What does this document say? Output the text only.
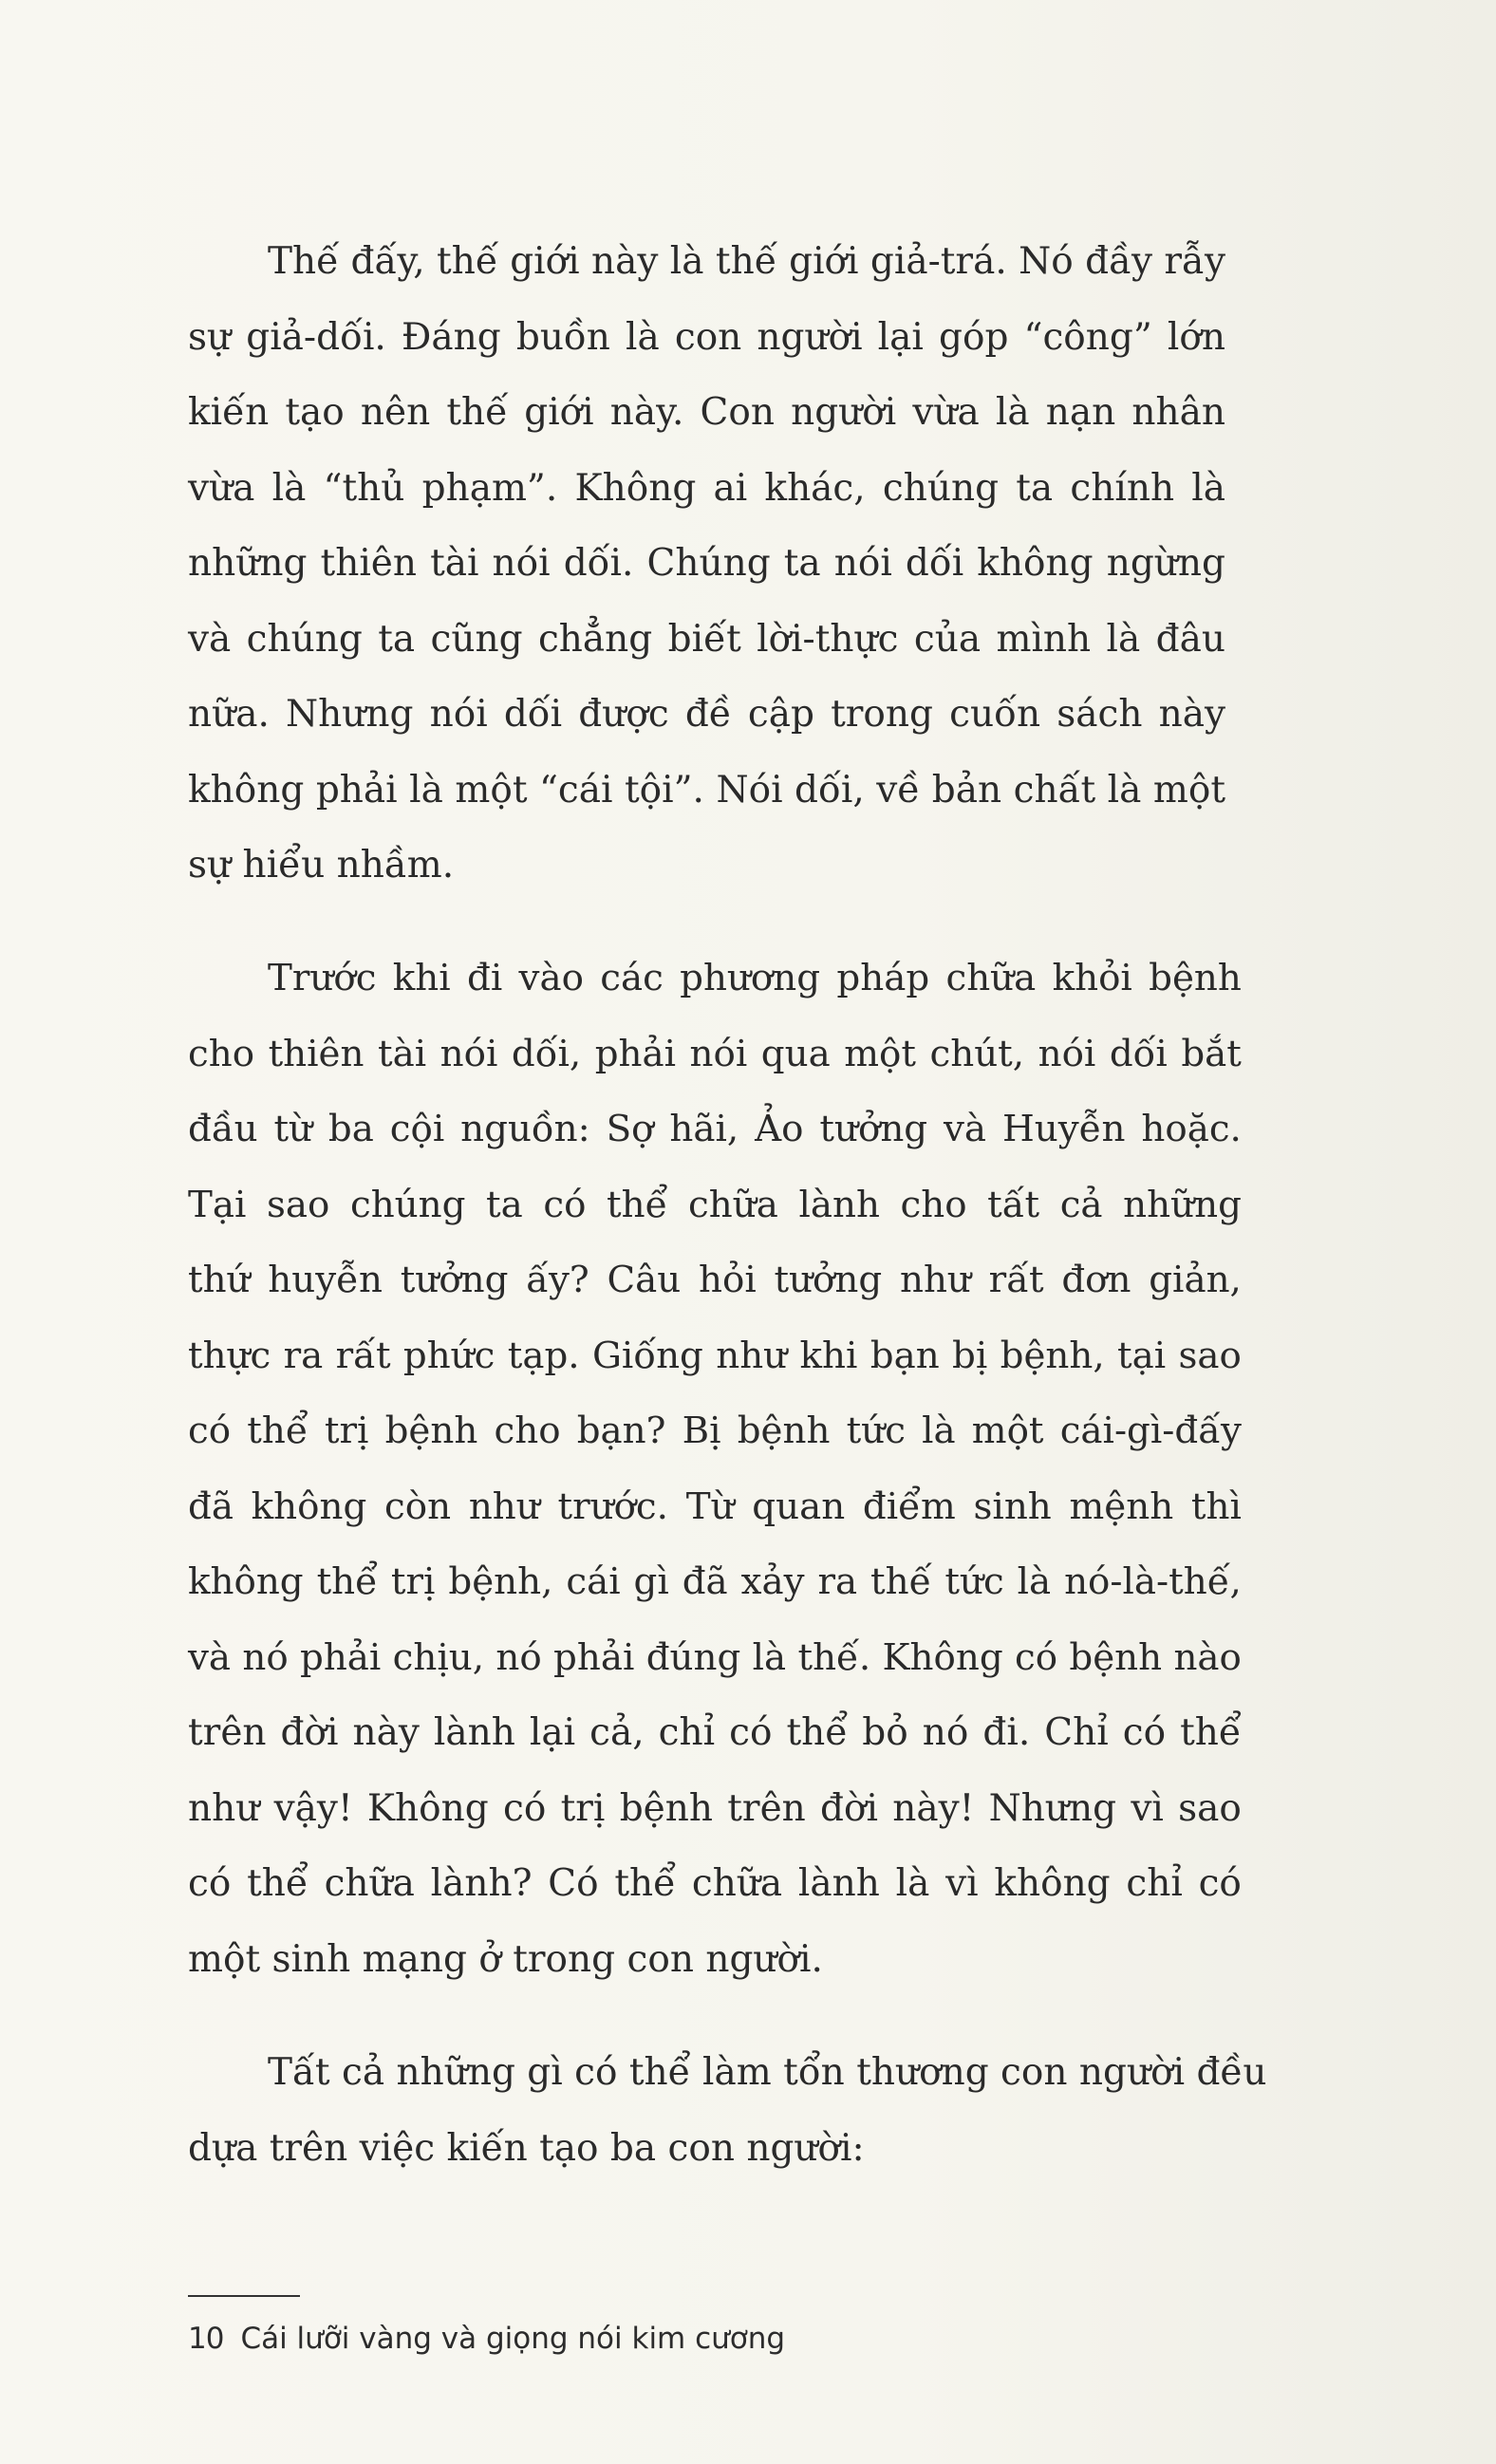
Thế đấy, thế giới này là thế giới giả-trá. Nó đầy rẫy
sự giả-dối. Đáng buồn là con người lại góp “công” lớn
kiến tạo nên thế giới này. Con người vừa là nạn nhân
vừa là “thủ phạm”. Không ai khác, chúng ta chính là
những thiên tài nói dối. Chúng ta nói dối không ngừng
và chúng ta cũng chẳng biết lời-thực của mình là đâu
nữa. Nhưng nói dối được đề cập trong cuốn sách này
không phải là một “cái tội”. Nói dối, về bản chất là một
sự hiểu nhầm.

Trước khi đi vào các phương pháp chữa khỏi bệnh
cho thiên tài nói dối, phải nói qua một chút, nói dối bắt
đầu từ ba cội nguồn: Sợ hãi, Ảo tưởng và Huyễn hoặc.
Tại sao chúng ta có thể chữa lành cho tất cả những
thứ huyễn tưởng ấy? Câu hỏi tưởng như rất đơn giản,
thực ra rất phức tạp. Giống như khi bạn bị bệnh, tại sao
có thể trị bệnh cho bạn? Bị bệnh tức là một cái-gì-đấy
đã không còn như trước. Từ quan điểm sinh mệnh thì
không thể trị bệnh, cái gì đã xảy ra thế tức là nó-là-thế,
và nó phải chịu, nó phải đúng là thế. Không có bệnh nào
trên đời này lành lại cả, chỉ có thể bỏ nó đi. Chỉ có thể
như vậy! Không có trị bệnh trên đời này! Nhưng vì sao
có thể chữa lành? Có thể chữa lành là vì không chỉ có
một sinh mạng ở trong con người.

Tất cả những gì có thể làm tổn thương con người đều
dựa trên việc kiến tạo ba con người:

10 Cái lưỡi vàng và giọng nói kim cương
